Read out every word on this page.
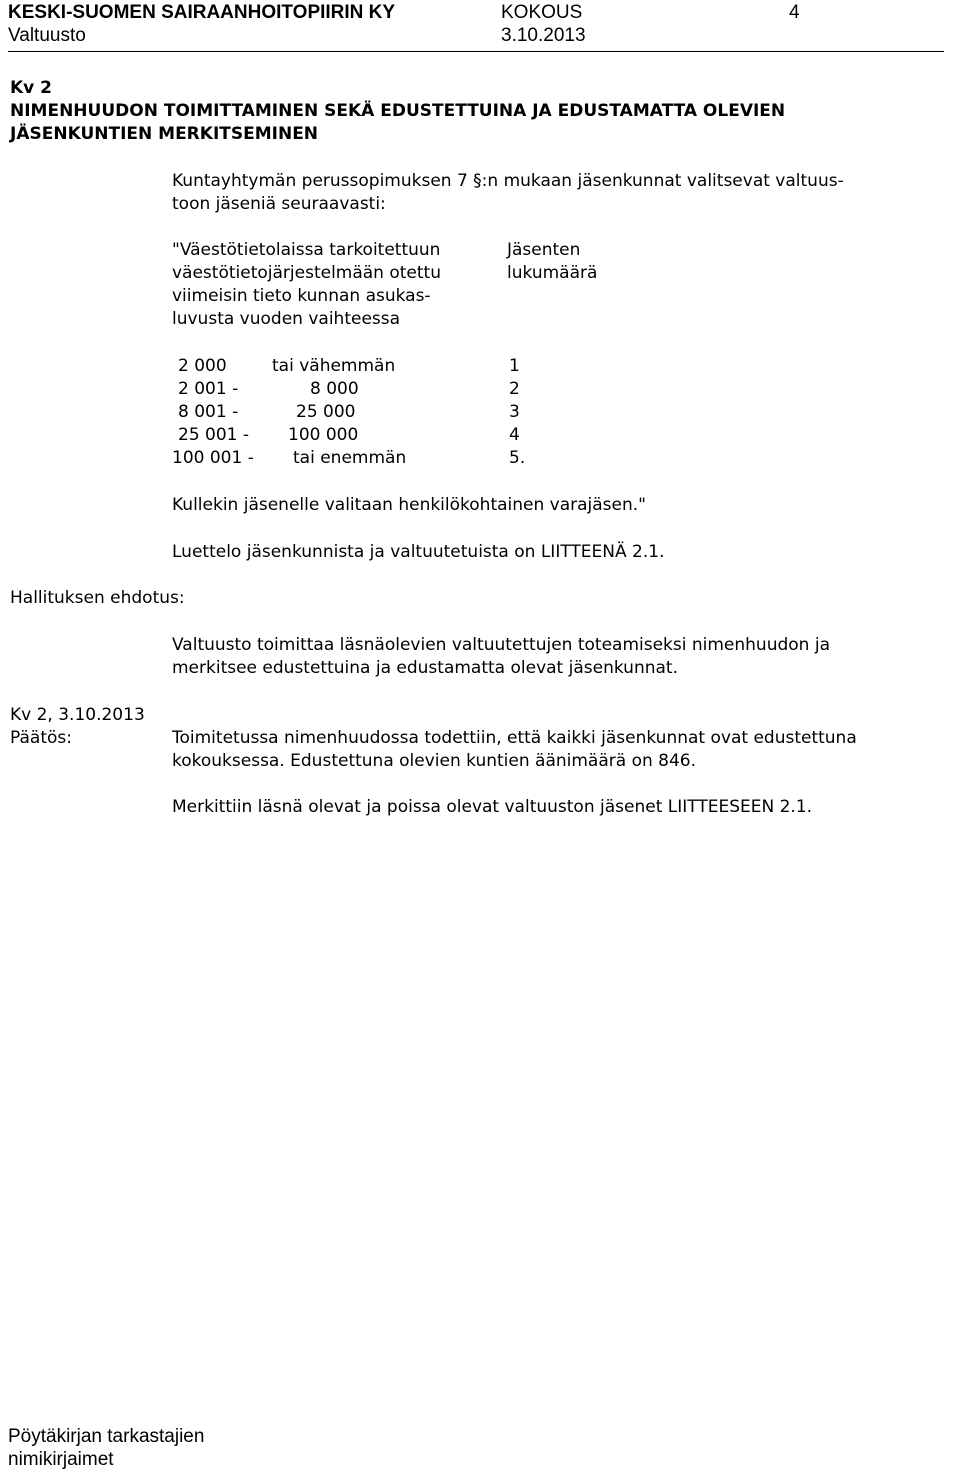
KESKI-SUOMEN SAIRAANHOITOPIIRIN KY	KOKOUS	4
Valtuusto	3.10.2013
Kv 2
NIMENHUUDON TOIMITTAMINEN SEKÄ EDUSTETTUINA JA EDUSTAMATTA OLEVIEN
JÄSENKUNTIEN MERKITSEMINEN
Kuntayhtymän perussopimuksen 7 §:n mukaan jäsenkunnat valitsevat valtuus-
toon jäseniä seuraavasti:
"Väestötietolaissa tarkoitettuun
väestötietojärjestelmään otettu
viimeisin tieto kunnan asukas-
luvusta vuoden vaihteessa
Jäsenten
lukumäärä
2 000	tai vähemmän	1
2 001 -	8 000	2
8 001 -	25 000	3
25 001 - 100 000	4
100 001 - tai enemmän	5.
Kullekin jäsenelle valitaan henkilökohtainen varajäsen."
Luettelo jäsenkunnista ja valtuutetuista on LIITTEENÄ 2.1.
Hallituksen ehdotus:
Valtuusto toimittaa läsnäolevien valtuutettujen toteamiseksi nimenhuudon ja
merkitsee edustettuina ja edustamatta olevat jäsenkunnat.
Kv 2, 3.10.2013
Päätös:	Toimitetussa nimenhuudossa todettiin, että kaikki jäsenkunnat ovat edustettuna
kokouksessa. Edustettuna olevien kuntien äänimäärä on 846.
Merkittiin läsnä olevat ja poissa olevat valtuuston jäsenet LIITTEESEEN 2.1.
Pöytäkirjan tarkastajien
nimikirjaimet
